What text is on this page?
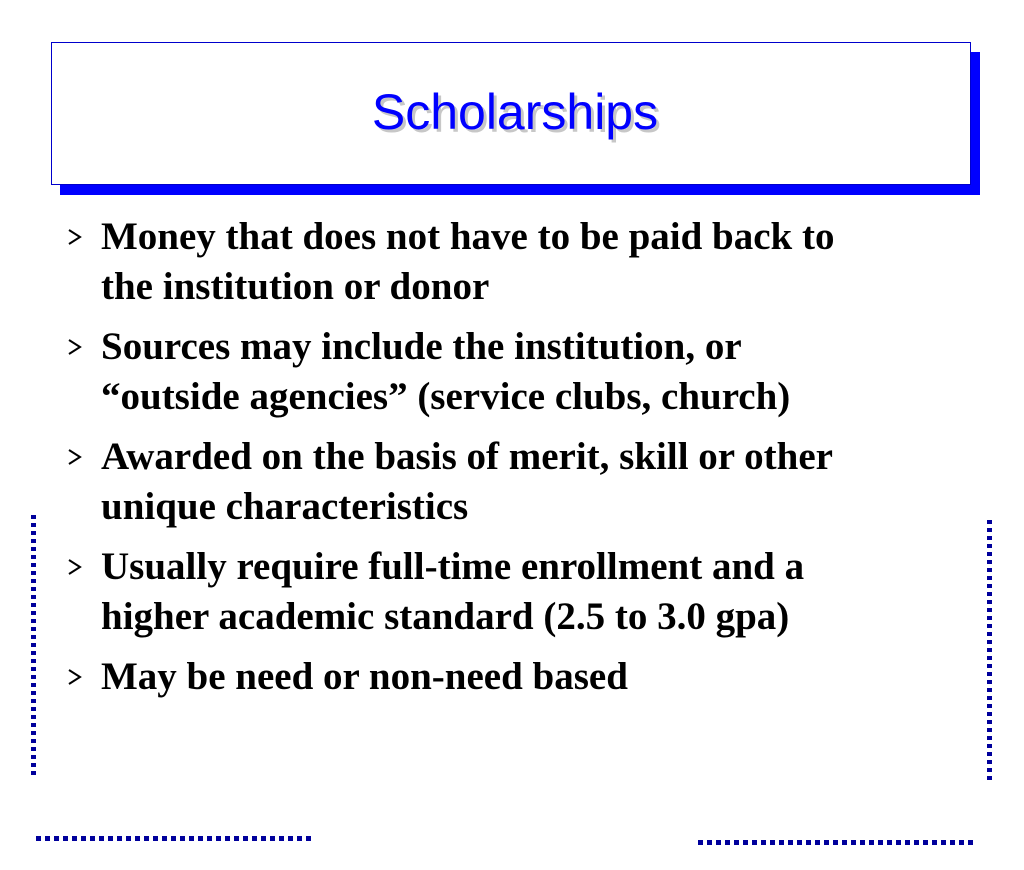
Scholarships
Money that does not have to be paid back to
the institution or donor
Sources may include the institution, or
“outside agencies” (service clubs, church)
Awarded on the basis of merit, skill or other
unique characteristics
Usually require full-time enrollment and a
higher academic standard (2.5 to 3.0 gpa)
May be need or non-need based
